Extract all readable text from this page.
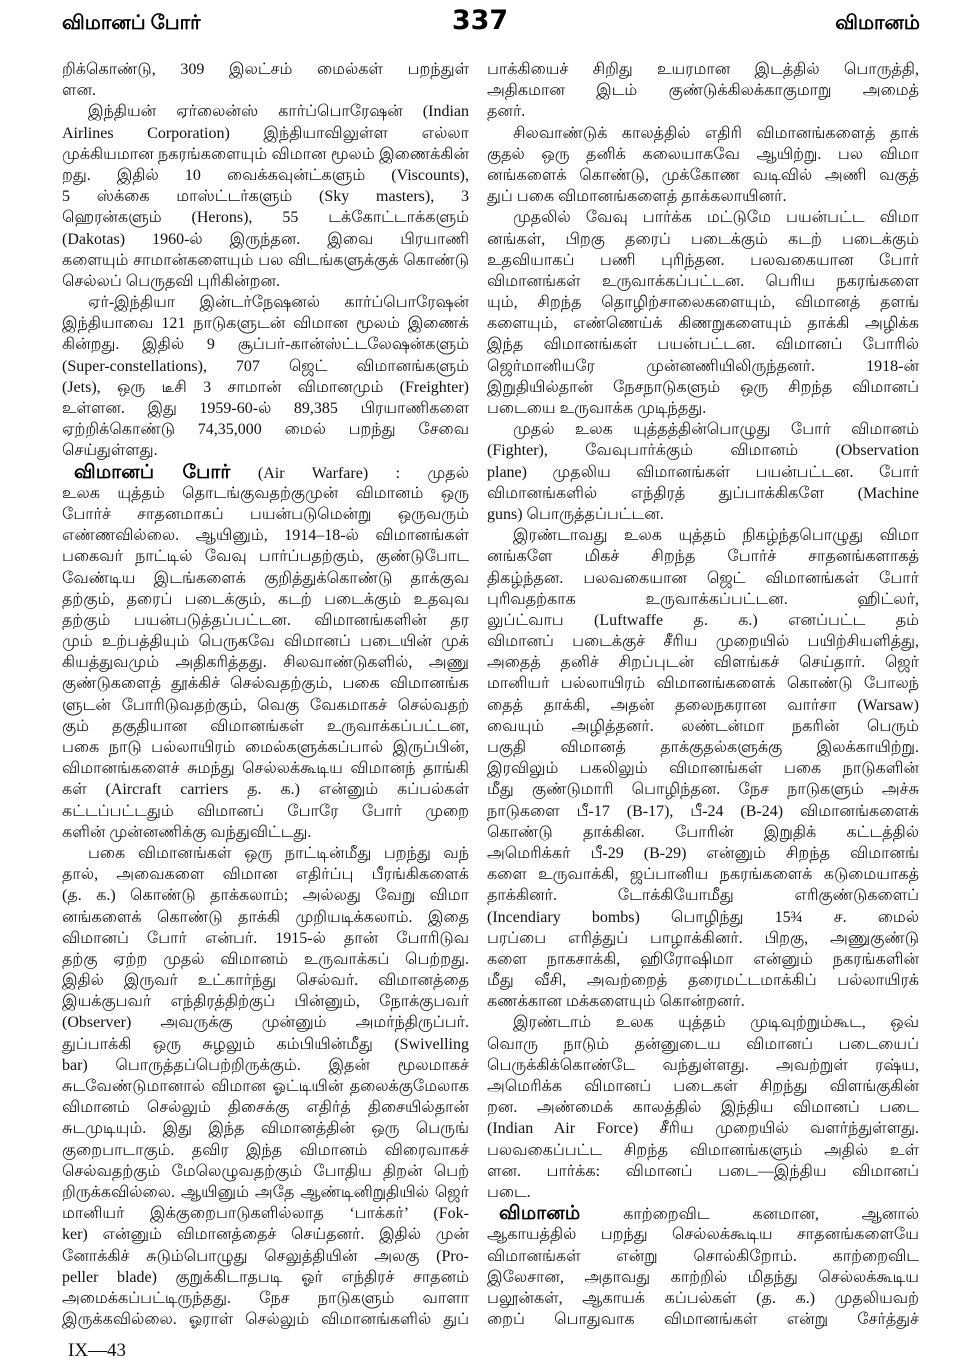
விமானப் போர்	337	விமானம்
றிக்கொண்டு, 309 இலட்சம் மைல்கள் பறந்துள்
ளன.
இந்தியன் ஏர்லைன்ஸ் கார்ப்பொரேஷன் (Indian
Airlines Corporation) இந்தியாவிலுள்ள எல்லா
முக்கியமான நகரங்களையும் விமான மூலம் இணைக்கின்
றது. இதில் 10 வைக்கவுன்ட்களும் (Viscounts),
5 ஸ்க்கை மாஸ்ட்டர்களும் (Sky masters), 3
ஹெரன்களும் (Herons), 55 டக்கோட்டாக்களும்
(Dakotas) 1960-ல் இருந்தன. இவை பிரயாணி
களையும் சாமான்களையும் பல விடங்களுக்குக் கொண்டு
செல்லப் பெருதவி புரிகின்றன.
ஏர்-இந்தியா இன்டர்நேஷனல் கார்ப்பொரேஷன்
இந்தியாவை 121 நாடுகளுடன் விமான மூலம் இணைக்
கின்றது. இதில் 9 சூப்பர்-கான்ஸ்ட்டலேஷன்களும்
(Super-constellations), 707 ஜெட் விமானங்களும்
(Jets), ஒரு டீசி 3 சாமான் விமானமும் (Freighter)
உள்ளன. இது 1959-60-ல் 89,385 பிரயாணிகளை
ஏற்றிக்கொண்டு 74,35,000 மைல் பறந்து சேவை
செய்துள்ளது.
விமானப் போர் (Air Warfare) : முதல்
உலக யுத்தம் தொடங்குவதற்குமுன் விமானம் ஒரு
போர்ச் சாதனமாகப் பயன்படுமென்று ஒருவரும்
எண்ணவில்லை. ஆயினும், 1914–18-ல் விமானங்கள்
பகைவர் நாட்டில் வேவு பார்ப்பதற்கும், குண்டுபோட
வேண்டிய இடங்களைக் குறித்துக்கொண்டு தாக்குவ
தற்கும், தரைப் படைக்கும், கடற் படைக்கும் உதவுவ
தற்கும் பயன்படுத்தப்பட்டன. விமானங்களின் தர
மும் உற்பத்தியும் பெருகவே விமானப் படையின் முக்
கியத்துவமும் அதிகரித்தது. சிலவாண்டுகளில், அணு
குண்டுகளைத் தூக்கிச் செல்வதற்கும், பகை விமானங்க
ளுடன் போரிடுவதற்கும், வெகு வேகமாகச் செல்வதற்
கும் தகுதியான விமானங்கள் உருவாக்கப்பட்டன,
பகை நாடு பல்லாயிரம் மைல்களுக்கப்பால் இருப்பின்,
விமானங்களைச் சுமந்து செல்லக்கூடிய விமானந் தாங்கி
கள் (Aircraft carriers த. க.) என்னும் கப்பல்கள்
கட்டப்பட்டதும் விமானப் போரே போர் முறை
களின் முன்னணிக்கு வந்துவிட்டது.
பகை விமானங்கள் ஒரு நாட்டின்மீது பறந்து வந்
தால், அவைகளை விமான எதிர்ப்பு பீரங்கிகளைக்
(த. க.) கொண்டு தாக்கலாம்; அல்லது வேறு விமா
னங்களைக் கொண்டு தாக்கி முறியடிக்கலாம். இதை
விமானப் போர் என்பர். 1915-ல் தான் போரிடுவ
தற்கு ஏற்ற முதல் விமானம் உருவாக்கப் பெற்றது.
இதில் இருவர் உட்கார்ந்து செல்வர். விமானத்தை
இயக்குபவர் எந்திரத்திற்குப் பின்னும், நோக்குபவர்
(Observer) அவருக்கு முன்னும் அமர்ந்திருப்பர்.
துப்பாக்கி ஒரு சுழலும் கம்பியின்மீது (Swivelling
bar) பொருத்தப்பெற்றிருக்கும். இதன் மூலமாகச்
சுடவேண்டுமானால் விமான ஓட்டியின் தலைக்குமேலாக
விமானம் செல்லும் திசைக்கு எதிர்த் திசையில்தான்
சுடமுடியும். இது இந்த விமானத்தின் ஒரு பெருங்
குறைபாடாகும். தவிர இந்த விமானம் விரைவாகச்
செல்வதற்கும் மேலெழுவதற்கும் போதிய திறன் பெற்
றிருக்கவில்லை. ஆயினும் அதே ஆண்டினிறுதியில் ஜெர்
மானியர் இக்குறைபாடுகளில்லாத ‘பாக்கர்’ (Fok-
ker) என்னும் விமானத்தைச் செய்தனர். இதில் முன்
னோக்கிச் சுடும்பொழுது செலுத்தியின் அலகு (Pro-
peller blade) குறுக்கிடாதபடி ஓர் எந்திரச் சாதனம்
அமைக்கப்பட்டிருந்தது. நேச நாடுகளும் வாளா
இருக்கவில்லை. ஓராள் செல்லும் விமானங்களில் துப்
பாக்கியைச் சிறிது உயரமான இடத்தில் பொருத்தி,
அதிகமான இடம் குண்டுக்கிலக்காகுமாறு அமைத்
தனர்.
சிலவாண்டுக் காலத்தில் எதிரி விமானங்களைத் தாக்
குதல் ஒரு தனிக் கலையாகவே ஆயிற்று. பல விமா
னங்களைக் கொண்டு, முக்கோண வடிவில் அணி வகுத்
துப் பகை விமானங்களைத் தாக்கலாயினர்.
முதலில் வேவு பார்க்க மட்டுமே பயன்பட்ட விமா
னங்கள், பிறகு தரைப் படைக்கும் கடற் படைக்கும்
உதவியாகப் பணி புரிந்தன. பலவகையான போர்
விமானங்கள் உருவாக்கப்பட்டன. பெரிய நகரங்களை
யும், சிறந்த தொழிற்சாலைகளையும், விமானத் தளங்
களையும், எண்ணெய்க் கிணறுகளையும் தாக்கி அழிக்க
இந்த விமானங்கள் பயன்பட்டன. விமானப் போரில்
ஜெர்மானியரே முன்னணியிலிருந்தனர். 1918-ன்
இறுதியில்தான் நேசநாடுகளும் ஒரு சிறந்த விமானப்
படையை உருவாக்க முடிந்தது.
முதல் உலக யுத்தத்தின்பொழுது போர் விமானம்
(Fighter), வேவுபார்க்கும் விமானம் (Observation
plane) முதலிய விமானங்கள் பயன்பட்டன. போர்
விமானங்களில் எந்திரத் துப்பாக்கிகளே (Machine
guns) பொருத்தப்பட்டன.
இரண்டாவது உலக யுத்தம் நிகழ்ந்தபொழுது விமா
னங்களே மிகச் சிறந்த போர்ச் சாதனங்களாகத்
திகழ்ந்தன. பலவகையான ஜெட் விமானங்கள் போர்
புரிவதற்காக உருவாக்கப்பட்டன. ஹிட்லர்,
லுப்ட்வாப (Luftwaffe த. க.) எனப்பட்ட தம்
விமானப் படைக்குச் சீரிய முறையில் பயிற்சியளித்து,
அதைத் தனிச் சிறப்புடன் விளங்கச் செய்தார். ஜெர்
மானியர் பல்லாயிரம் விமானங்களைக் கொண்டு போலந்
தைத் தாக்கி, அதன் தலைநகரான வார்சா (Warsaw)
வையும் அழித்தனர். லண்டன்மா நகரின் பெரும்
பகுதி விமானத் தாக்குதல்களுக்கு இலக்காயிற்று.
இரவிலும் பகலிலும் விமானங்கள் பகை நாடுகளின்
மீது குண்டுமாரி பொழிந்தன. நேச நாடுகளும் அச்சு
நாடுகளை பீ-17 (B-17), பீ-24 (B-24) விமானங்களைக்
கொண்டு தாக்கின. போரின் இறுதிக் கட்டத்தில்
அமெரிக்கர் பீ-29 (B-29) என்னும் சிறந்த விமானங்
களை உருவாக்கி, ஜப்பானிய நகரங்களைக் கடுமையாகத்
தாக்கினர். டோக்கியோமீது எரிகுண்டுகளைப்
(Incendiary bombs) பொழிந்து 15¾ ச. மைல்
பரப்பை எரித்துப் பாழாக்கினர். பிறகு, அணுகுண்டு
களை நாகசாக்கி, ஹிரோஷிமா என்னும் நகரங்களின்
மீது வீசி, அவற்றைத் தரைமட்டமாக்கிப் பல்லாயிரக்
கணக்கான மக்களையும் கொன்றனர்.
இரண்டாம் உலக யுத்தம் முடிவுற்றும்கூட, ஒவ்
வொரு நாடும் தன்னுடைய விமானப் படையைப்
பெருக்கிக்கொண்டே வந்துள்ளது. அவற்றுள் ரஷ்ய,
அமெரிக்க விமானப் படைகள் சிறந்து விளங்குகின்
றன. அண்மைக் காலத்தில் இந்திய விமானப் படை
(Indian Air Force) சீரிய முறையில் வளர்ந்துள்ளது.
பலவகைப்பட்ட சிறந்த விமானங்களும் அதில் உள்
ளன. பார்க்க: விமானப் படை—இந்திய விமானப்
படை.
விமானம்	காற்றைவிட கனமான, ஆனால்
ஆகாயத்தில் பறந்து செல்லக்கூடிய சாதனங்களையே
விமானங்கள் என்று சொல்கிறோம். காற்றைவிட
இலேசான, அதாவது காற்றில் மிதந்து செல்லக்கூடிய
பலூன்கள், ஆகாயக் கப்பல்கள் (த. க.) முதலியவற்
றைப் பொதுவாக விமானங்கள் என்று சேர்த்துச்
IX—43
